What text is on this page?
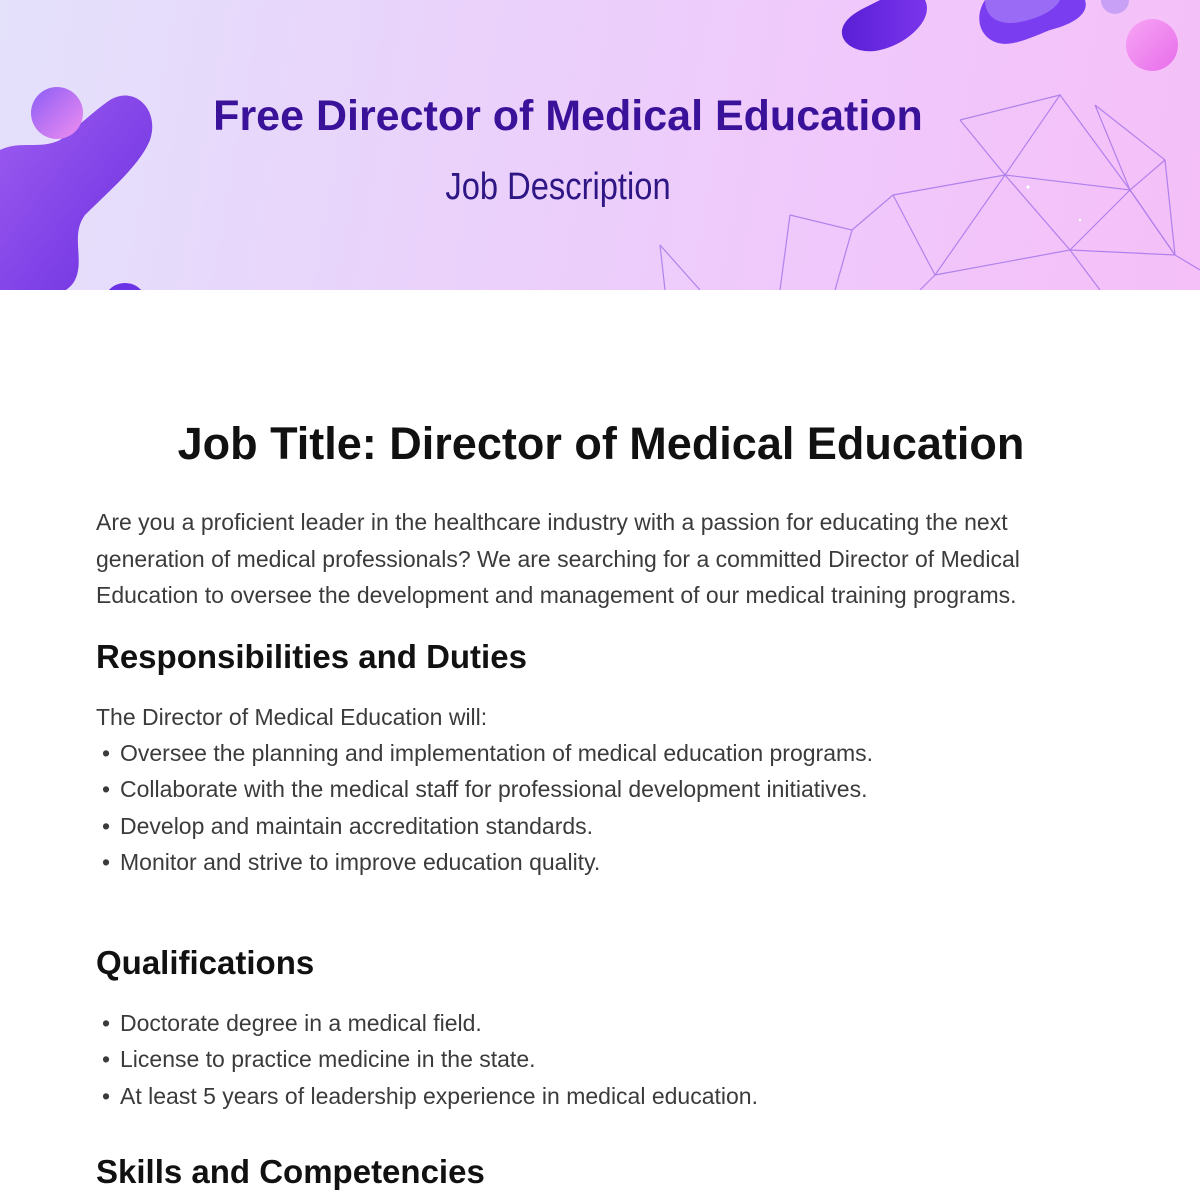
Free Director of Medical Education

Job Description

Job Title: Director of Medical Education

Are you a proficient leader in the healthcare industry with a passion for educating the next generation of medical professionals? We are searching for a committed Director of Medical Education to oversee the development and management of our medical training programs.

Responsibilities and Duties

The Director of Medical Education will:

• Oversee the planning and implementation of medical education programs.
• Collaborate with the medical staff for professional development initiatives.
• Develop and maintain accreditation standards.
• Monitor and strive to improve education quality.
Qualifications
• Doctorate degree in a medical field.
• License to practice medicine in the state.
• At least 5 years of leadership experience in medical education.
Skills and Competencies
